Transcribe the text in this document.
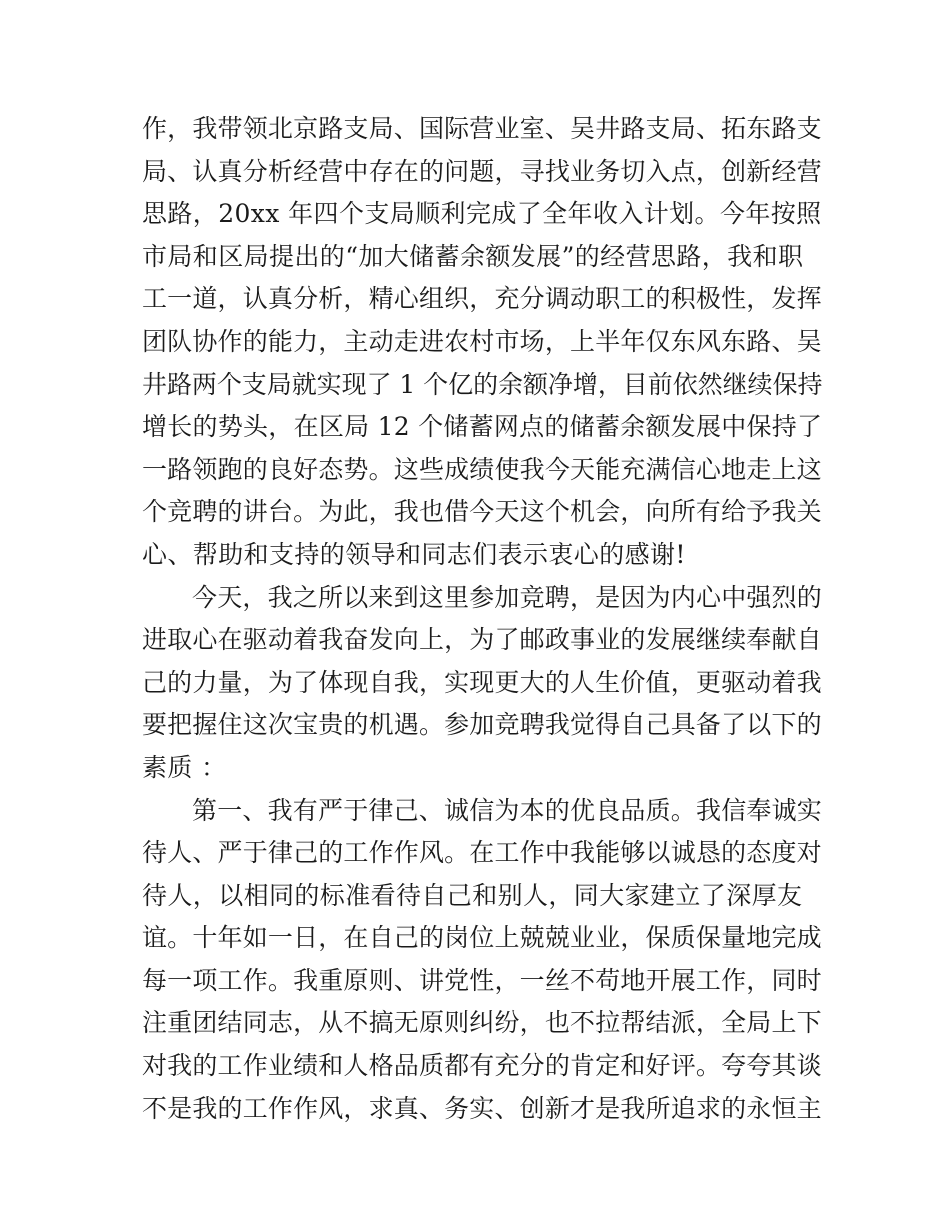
作，我带领北京路支局、国际营业室、吴井路支局、拓东路支
局、认真分析经营中存在的问题，寻找业务切入点，创新经营
思路，20xx 年四个支局顺利完成了全年收入计划。今年按照
市局和区局提出的“加大储蓄余额发展”的经营思路，我和职
工一道，认真分析，精心组织，充分调动职工的积极性，发挥
团队协作的能力，主动走进农村市场，上半年仅东风东路、吴
井路两个支局就实现了 1 个亿的余额净增，目前依然继续保持
增长的势头，在区局 12 个储蓄网点的储蓄余额发展中保持了
一路领跑的良好态势。这些成绩使我今天能充满信心地走上这
个竞聘的讲台。为此，我也借今天这个机会，向所有给予我关
心、帮助和支持的领导和同志们表示衷心的感谢!
今天，我之所以来到这里参加竞聘，是因为内心中强烈的
进取心在驱动着我奋发向上，为了邮政事业的发展继续奉献自
己的力量，为了体现自我，实现更大的人生价值，更驱动着我
要把握住这次宝贵的机遇。参加竞聘我觉得自己具备了以下的
素质 ：
第一、我有严于律己、诚信为本的优良品质。我信奉诚实
待人、严于律己的工作作风。在工作中我能够以诚恳的态度对
待人，以相同的标准看待自己和别人，同大家建立了深厚友
谊。十年如一日，在自己的岗位上兢兢业业，保质保量地完成
每一项工作。我重原则、讲党性，一丝不苟地开展工作，同时
注重团结同志，从不搞无原则纠纷，也不拉帮结派，全局上下
对我的工作业绩和人格品质都有充分的肯定和好评。夸夸其谈
不是我的工作作风，求真、务实、创新才是我所追求的永恒主
